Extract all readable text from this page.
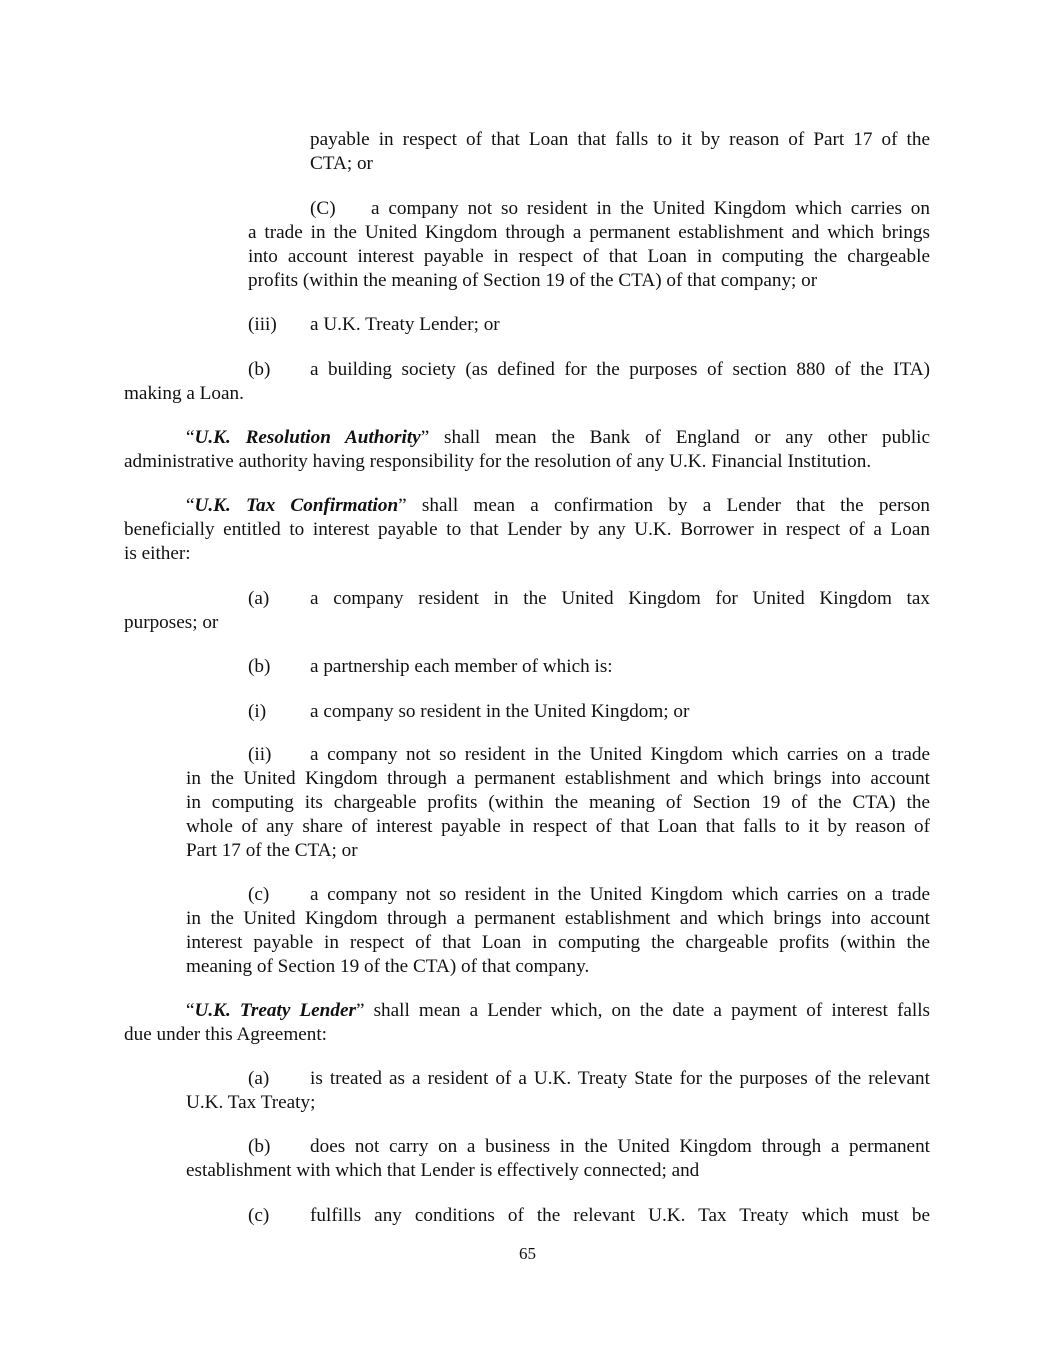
payable in respect of that Loan that falls to it by reason of Part 17 of the

CTA; or

(C) a company not so resident in the United Kingdom which carries on

a trade in the United Kingdom through a permanent establishment and which brings

into account interest payable in respect of that Loan in computing the chargeable

profits (within the meaning of Section 19 of the CTA) of that company; or

(iii) a U.K. Treaty Lender; or

(b) a building society (as defined for the purposes of section 880 of the ITA)

making a Loan.

“U.K. Resolution Authority” shall mean the Bank of England or any other public

administrative authority having responsibility for the resolution of any U.K. Financial Institution.

“U.K. Tax Confirmation” shall mean a confirmation by a Lender that the person

beneficially entitled to interest payable to that Lender by any U.K. Borrower in respect of a Loan

is either:

(a) a company resident in the United Kingdom for United Kingdom tax

purposes; or

(b) a partnership each member of which is:

(i) a company so resident in the United Kingdom; or

(ii) a company not so resident in the United Kingdom which carries on a trade

in the United Kingdom through a permanent establishment and which brings into account

in computing its chargeable profits (within the meaning of Section 19 of the CTA) the

whole of any share of interest payable in respect of that Loan that falls to it by reason of

Part 17 of the CTA; or

(c) a company not so resident in the United Kingdom which carries on a trade

in the United Kingdom through a permanent establishment and which brings into account

interest payable in respect of that Loan in computing the chargeable profits (within the

meaning of Section 19 of the CTA) of that company.

“U.K. Treaty Lender” shall mean a Lender which, on the date a payment of interest falls

due under this Agreement:

(a) is treated as a resident of a U.K. Treaty State for the purposes of the relevant

U.K. Tax Treaty;

(b) does not carry on a business in the United Kingdom through a permanent

establishment with which that Lender is effectively connected; and

(c) fulfills any conditions of the relevant U.K. Tax Treaty which must be

65
